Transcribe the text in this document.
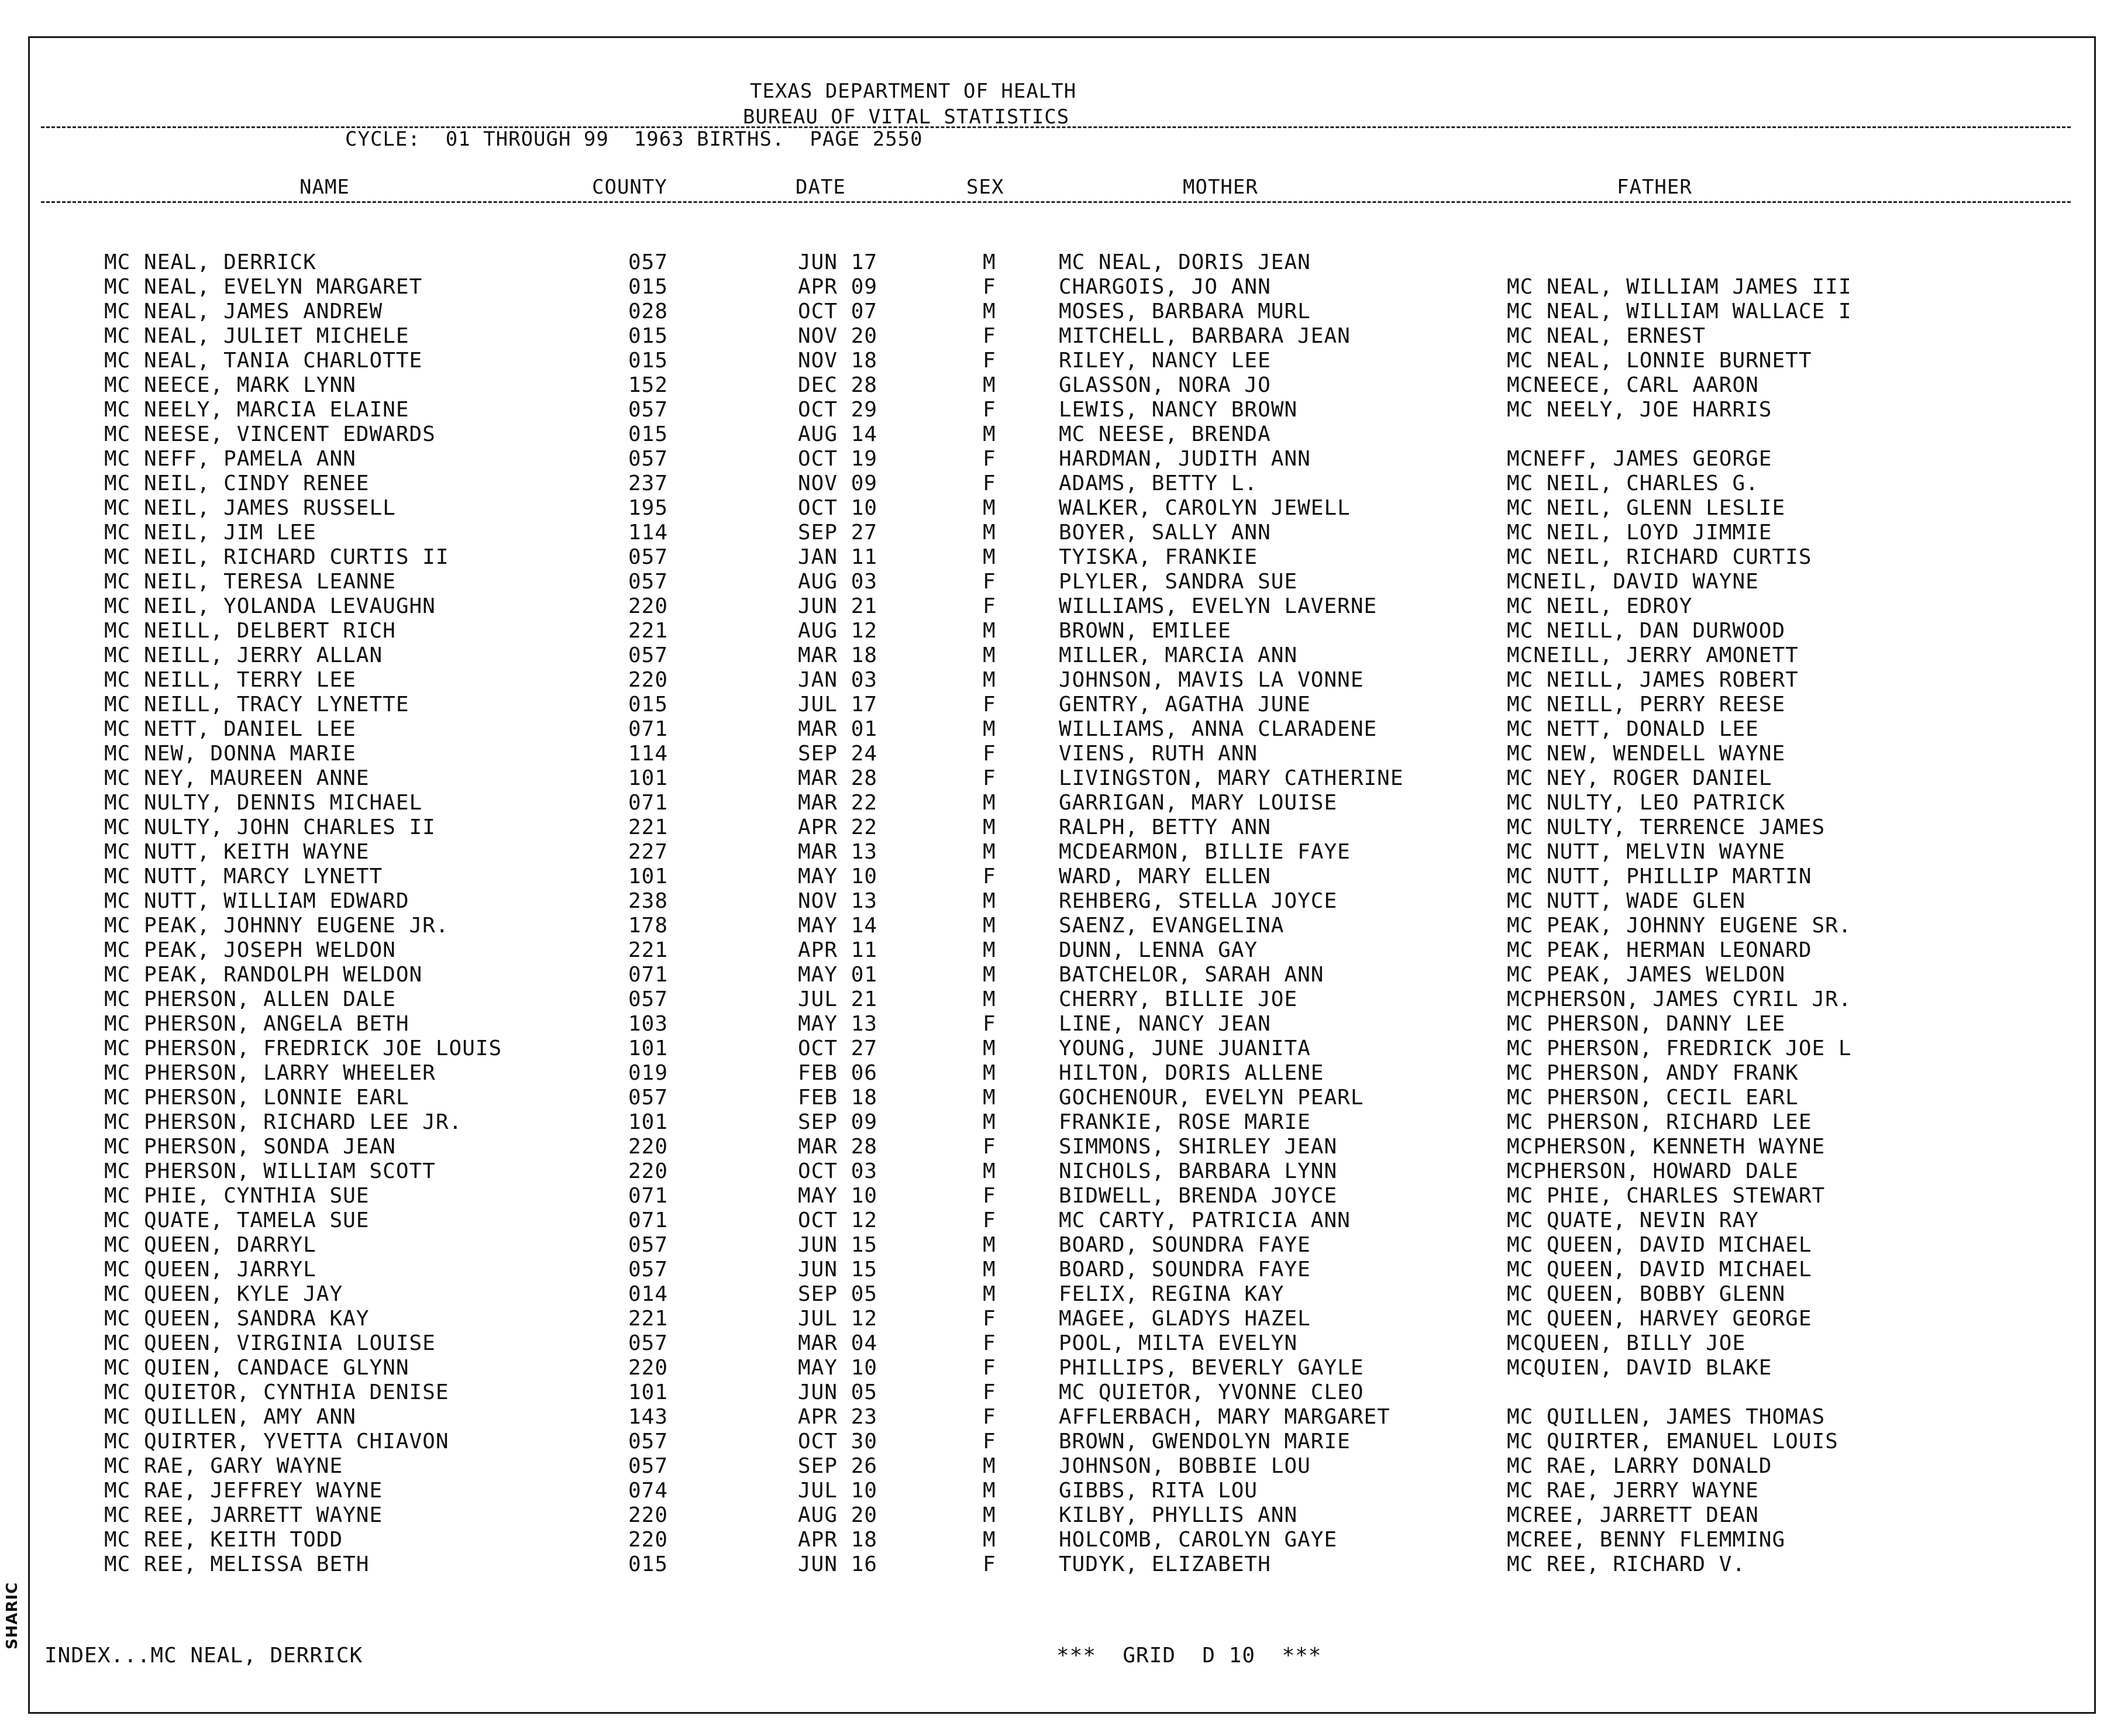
SHARIC
TEXAS DEPARTMENT OF HEALTH
BUREAU OF VITAL STATISTICS
CYCLE:  01 THROUGH 99  1963 BIRTHS.  PAGE 2550
NAME	COUNTY	DATE	SEX	MOTHER	FATHER
MC NEAL, DERRICK	057	JUN 17	M	MC NEAL, DORIS JEAN
MC NEAL, EVELYN MARGARET	015	APR 09	F	CHARGOIS, JO ANN	MC NEAL, WILLIAM JAMES III
MC NEAL, JAMES ANDREW	028	OCT 07	M	MOSES, BARBARA MURL	MC NEAL, WILLIAM WALLACE I
MC NEAL, JULIET MICHELE	015	NOV 20	F	MITCHELL, BARBARA JEAN	MC NEAL, ERNEST
MC NEAL, TANIA CHARLOTTE	015	NOV 18	F	RILEY, NANCY LEE	MC NEAL, LONNIE BURNETT
MC NEECE, MARK LYNN	152	DEC 28	M	GLASSON, NORA JO	MCNEECE, CARL AARON
MC NEELY, MARCIA ELAINE	057	OCT 29	F	LEWIS, NANCY BROWN	MC NEELY, JOE HARRIS
MC NEESE, VINCENT EDWARDS	015	AUG 14	M	MC NEESE, BRENDA
MC NEFF, PAMELA ANN	057	OCT 19	F	HARDMAN, JUDITH ANN	MCNEFF, JAMES GEORGE
MC NEIL, CINDY RENEE	237	NOV 09	F	ADAMS, BETTY L.	MC NEIL, CHARLES G.
MC NEIL, JAMES RUSSELL	195	OCT 10	M	WALKER, CAROLYN JEWELL	MC NEIL, GLENN LESLIE
MC NEIL, JIM LEE	114	SEP 27	M	BOYER, SALLY ANN	MC NEIL, LOYD JIMMIE
MC NEIL, RICHARD CURTIS II	057	JAN 11	M	TYISKA, FRANKIE	MC NEIL, RICHARD CURTIS
MC NEIL, TERESA LEANNE	057	AUG 03	F	PLYLER, SANDRA SUE	MCNEIL, DAVID WAYNE
MC NEIL, YOLANDA LEVAUGHN	220	JUN 21	F	WILLIAMS, EVELYN LAVERNE	MC NEIL, EDROY
MC NEILL, DELBERT RICH	221	AUG 12	M	BROWN, EMILEE	MC NEILL, DAN DURWOOD
MC NEILL, JERRY ALLAN	057	MAR 18	M	MILLER, MARCIA ANN	MCNEILL, JERRY AMONETT
MC NEILL, TERRY LEE	220	JAN 03	M	JOHNSON, MAVIS LA VONNE	MC NEILL, JAMES ROBERT
MC NEILL, TRACY LYNETTE	015	JUL 17	F	GENTRY, AGATHA JUNE	MC NEILL, PERRY REESE
MC NETT, DANIEL LEE	071	MAR 01	M	WILLIAMS, ANNA CLARADENE	MC NETT, DONALD LEE
MC NEW, DONNA MARIE	114	SEP 24	F	VIENS, RUTH ANN	MC NEW, WENDELL WAYNE
MC NEY, MAUREEN ANNE	101	MAR 28	F	LIVINGSTON, MARY CATHERINE	MC NEY, ROGER DANIEL
MC NULTY, DENNIS MICHAEL	071	MAR 22	M	GARRIGAN, MARY LOUISE	MC NULTY, LEO PATRICK
MC NULTY, JOHN CHARLES II	221	APR 22	M	RALPH, BETTY ANN	MC NULTY, TERRENCE JAMES
MC NUTT, KEITH WAYNE	227	MAR 13	M	MCDEARMON, BILLIE FAYE	MC NUTT, MELVIN WAYNE
MC NUTT, MARCY LYNETT	101	MAY 10	F	WARD, MARY ELLEN	MC NUTT, PHILLIP MARTIN
MC NUTT, WILLIAM EDWARD	238	NOV 13	M	REHBERG, STELLA JOYCE	MC NUTT, WADE GLEN
MC PEAK, JOHNNY EUGENE JR.	178	MAY 14	M	SAENZ, EVANGELINA	MC PEAK, JOHNNY EUGENE SR.
MC PEAK, JOSEPH WELDON	221	APR 11	M	DUNN, LENNA GAY	MC PEAK, HERMAN LEONARD
MC PEAK, RANDOLPH WELDON	071	MAY 01	M	BATCHELOR, SARAH ANN	MC PEAK, JAMES WELDON
MC PHERSON, ALLEN DALE	057	JUL 21	M	CHERRY, BILLIE JOE	MCPHERSON, JAMES CYRIL JR.
MC PHERSON, ANGELA BETH	103	MAY 13	F	LINE, NANCY JEAN	MC PHERSON, DANNY LEE
MC PHERSON, FREDRICK JOE LOUIS	101	OCT 27	M	YOUNG, JUNE JUANITA	MC PHERSON, FREDRICK JOE L
MC PHERSON, LARRY WHEELER	019	FEB 06	M	HILTON, DORIS ALLENE	MC PHERSON, ANDY FRANK
MC PHERSON, LONNIE EARL	057	FEB 18	M	GOCHENOUR, EVELYN PEARL	MC PHERSON, CECIL EARL
MC PHERSON, RICHARD LEE JR.	101	SEP 09	M	FRANKIE, ROSE MARIE	MC PHERSON, RICHARD LEE
MC PHERSON, SONDA JEAN	220	MAR 28	F	SIMMONS, SHIRLEY JEAN	MCPHERSON, KENNETH WAYNE
MC PHERSON, WILLIAM SCOTT	220	OCT 03	M	NICHOLS, BARBARA LYNN	MCPHERSON, HOWARD DALE
MC PHIE, CYNTHIA SUE	071	MAY 10	F	BIDWELL, BRENDA JOYCE	MC PHIE, CHARLES STEWART
MC QUATE, TAMELA SUE	071	OCT 12	F	MC CARTY, PATRICIA ANN	MC QUATE, NEVIN RAY
MC QUEEN, DARRYL	057	JUN 15	M	BOARD, SOUNDRA FAYE	MC QUEEN, DAVID MICHAEL
MC QUEEN, JARRYL	057	JUN 15	M	BOARD, SOUNDRA FAYE	MC QUEEN, DAVID MICHAEL
MC QUEEN, KYLE JAY	014	SEP 05	M	FELIX, REGINA KAY	MC QUEEN, BOBBY GLENN
MC QUEEN, SANDRA KAY	221	JUL 12	F	MAGEE, GLADYS HAZEL	MC QUEEN, HARVEY GEORGE
MC QUEEN, VIRGINIA LOUISE	057	MAR 04	F	POOL, MILTA EVELYN	MCQUEEN, BILLY JOE
MC QUIEN, CANDACE GLYNN	220	MAY 10	F	PHILLIPS, BEVERLY GAYLE	MCQUIEN, DAVID BLAKE
MC QUIETOR, CYNTHIA DENISE	101	JUN 05	F	MC QUIETOR, YVONNE CLEO
MC QUILLEN, AMY ANN	143	APR 23	F	AFFLERBACH, MARY MARGARET	MC QUILLEN, JAMES THOMAS
MC QUIRTER, YVETTA CHIAVON	057	OCT 30	F	BROWN, GWENDOLYN MARIE	MC QUIRTER, EMANUEL LOUIS
MC RAE, GARY WAYNE	057	SEP 26	M	JOHNSON, BOBBIE LOU	MC RAE, LARRY DONALD
MC RAE, JEFFREY WAYNE	074	JUL 10	M	GIBBS, RITA LOU	MC RAE, JERRY WAYNE
MC REE, JARRETT WAYNE	220	AUG 20	M	KILBY, PHYLLIS ANN	MCREE, JARRETT DEAN
MC REE, KEITH TODD	220	APR 18	M	HOLCOMB, CAROLYN GAYE	MCREE, BENNY FLEMMING
MC REE, MELISSA BETH	015	JUN 16	F	TUDYK, ELIZABETH	MC REE, RICHARD V.
INDEX...MC NEAL, DERRICK	***  GRID  D 10  ***
